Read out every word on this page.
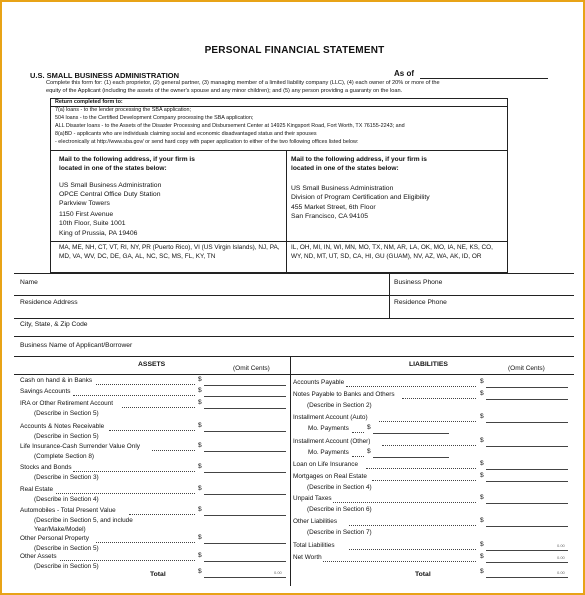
PERSONAL FINANCIAL STATEMENT
U.S. SMALL BUSINESS ADMINISTRATION	As of
Complete this form for: (1) each proprietor, (2) general partner, (3) managing member of a limited liability company (LLC), (4) each owner of 20% or more of the
equity of the Applicant (including the assets of the owner's spouse and any minor children); and (5) any person providing a guaranty on the loan.
Return completed form to:
7(a) loans - to the lender processing the SBA application;
504 loans - to the Certified Development Company processing the SBA application;
ALL Disaster loans - to the Assets of the Disaster Processing and Disbursement Center at 14925 Kingsport Road, Fort Worth, TX 76155-2243; and
8(a)BD - applicants who are individuals claiming social and economic disadvantaged status and their spouses
- electronically at http://www.sba.gov/ or send hard copy with paper application to either of the two following offices listed below:
Mail to the following address, if your firm is
located in one of the states below:
US Small Business Administration
OPCE Central Office Duty Station
Parkview Towers
1150 First Avenue
10th Floor, Suite 1001
King of Prussia, PA 19406
MA, ME, NH, CT, VT, RI, NY, PR (Puerto Rico), VI (US Virgin Islands), NJ, PA, MD, VA, WV, DC, DE, GA, AL, NC, SC, MS, FL, KY, TN
Mail to the following address, if your firm is
located in one of the states below:
US Small Business Administration
Division of Program Certification and Eligibility
455 Market Street, 6th Floor
San Francisco, CA 94105
IL, OH, MI, IN, WI, MN, MO, TX, NM, AR, LA, OK, MO, IA, NE, KS, CO, WY, ND, MT, UT, SD, CA, HI, GU (GUAM), NV, AZ, WA, AK, ID, OR
Name	Business Phone
Residence Address	Residence Phone
City, State, & Zip Code
Business Name of Applicant/Borrower
ASSETS
(Omit Cents)
LIABILITIES
(Omit Cents)
Total	$	0.00	Total	$	0.00
Cash on hand & in Banks	$
Savings Accounts	$
IRA or Other Retirement Account	$
(Describe in Section 5)
Accounts & Notes Receivable	$
(Describe in Section 5)
Life Insurance-Cash Surrender Value Only	$
(Complete Section 8)
Stocks and Bonds	$
(Describe in Section 3)
Real Estate	$
(Describe in Section 4)
Automobiles - Total Present Value	$
(Describe in Section 5, and include
Year/Make/Model)
Other Personal Property	$
(Describe in Section 5)
Other Assets	$
(Describe in Section 5)
Accounts Payable	$
Notes Payable to Banks and Others	$
(Describe in Section 2)
Installment Account (Auto)	$
Mo. Payments	$
Installment Account (Other)	$
Mo. Payments	$
Loan on Life Insurance	$
Mortgages on Real Estate	$
(Describe in Section 4)
Unpaid Taxes	$
(Describe in Section 6)
Other Liabilities	$
(Describe in Section 7)
Total Liabilities	$	0.00
Net Worth	$	0.00
